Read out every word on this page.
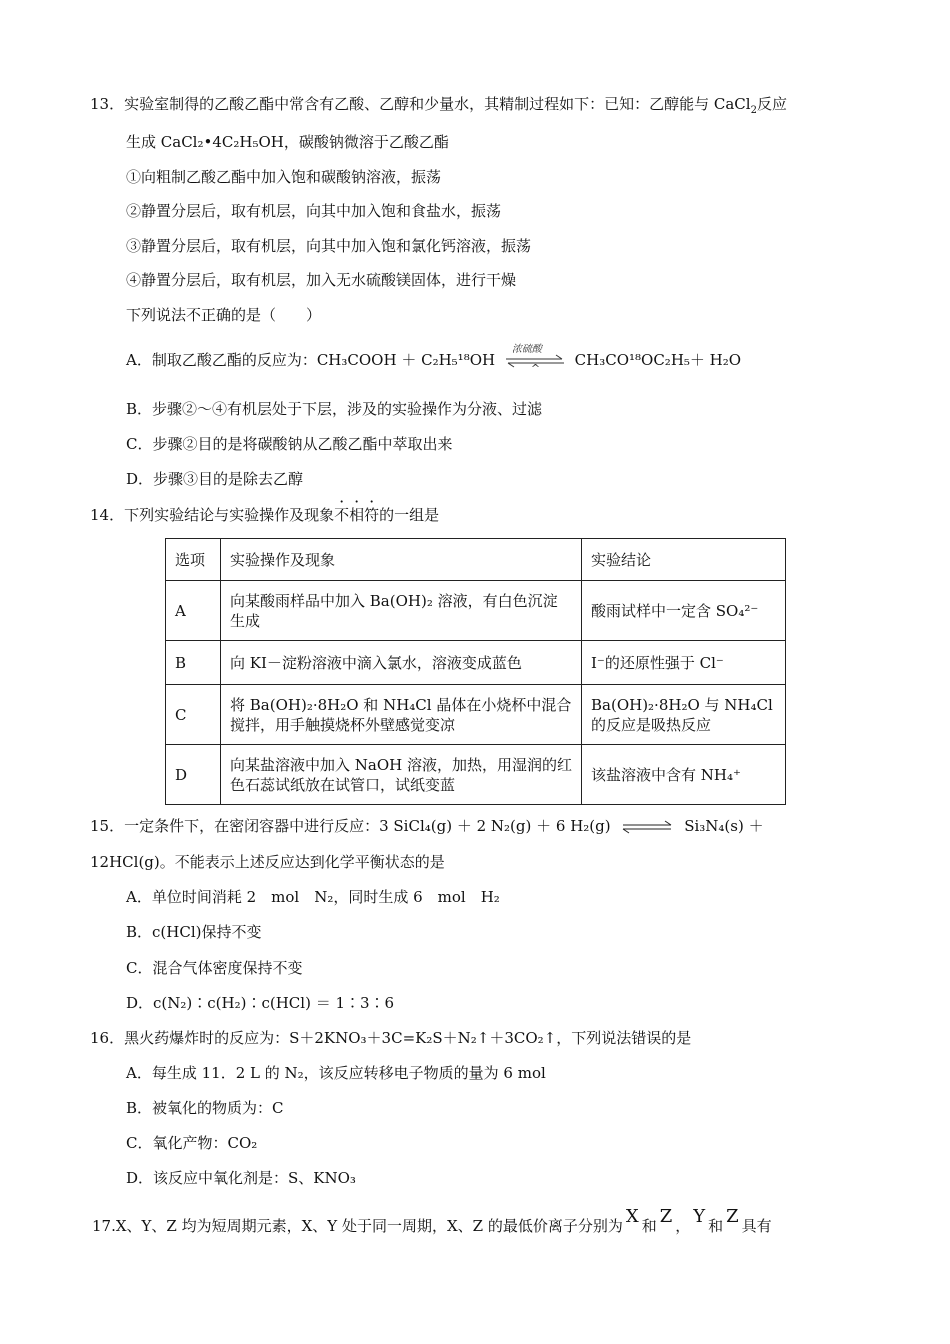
13．实验室制得的乙酸乙酯中常含有乙酸、乙醇和少量水，其精制过程如下：已知：乙醇能与 CaCl$_2$反应
生成 CaCl₂•4C₂H₅OH，碳酸钠微溶于乙酸乙酯
①向粗制乙酸乙酯中加入饱和碳酸钠溶液，振荡
②静置分层后，取有机层，向其中加入饱和食盐水，振荡
③静置分层后，取有机层，向其中加入饱和氯化钙溶液，振荡
④静置分层后，取有机层，加入无水硫酸镁固体，进行干燥
下列说法不正确的是（　　）
A．制取乙酸乙酯的反应为：CH₃COOH ＋ C₂H₅¹⁸OH
浓硫酸
^ CH₃CO¹⁸OC₂H₅＋ H₂O
B．步骤②～④有机层处于下层，涉及的实验操作为分液、过滤
C．步骤②目的是将碳酸钠从乙酸乙酯中萃取出来
D．步骤③目的是除去乙醇
14．下列实验结论与实验操作及现象不相符的一组是
选项	实验操作及现象	实验结论
A	向某酸雨样品中加入 Ba(OH)₂ 溶液，有白色沉淀生成	酸雨试样中一定含 SO₄²⁻
B	向 KI－淀粉溶液中滴入氯水，溶液变成蓝色	I⁻的还原性强于 Cl⁻
C	将 Ba(OH)₂·8H₂O 和 NH₄Cl 晶体在小烧杯中混合搅拌，用手触摸烧杯外壁感觉变凉	Ba(OH)₂·8H₂O 与 NH₄Cl 的反应是吸热反应
D	向某盐溶液中加入 NaOH 溶液，加热，用湿润的红色石蕊试纸放在试管口，试纸变蓝	该盐溶液中含有 NH₄⁺
15．一定条件下，在密闭容器中进行反应：3 SiCl₄(g) ＋ 2 N₂(g) ＋ 6 H₂(g) ⇌ Si₃N₄(s) ＋
12HCl(g)。不能表示上述反应达到化学平衡状态的是
A．单位时间消耗 2　mol　N₂，同时生成 6　mol　H₂
B．c(HCl)保持不变
C．混合气体密度保持不变
D．c(N₂)∶c(H₂)∶c(HCl) ＝ 1∶3∶6
16．黑火药爆炸时的反应为：S＋2KNO₃＋3C=K₂S＋N₂↑＋3CO₂↑，下列说法错误的是
A．每生成 11．2 L 的 N₂，该反应转移电子物质的量为 6 mol
B．被氧化的物质为：C
C．氧化产物：CO₂
D．该反应中氧化剂是：S、KNO₃
17.X、Y、Z 均为短周期元素，X、Y 处于同一周期，X、Z 的最低价离子分别为 X 和 Z ， Y 和 Z 具有
